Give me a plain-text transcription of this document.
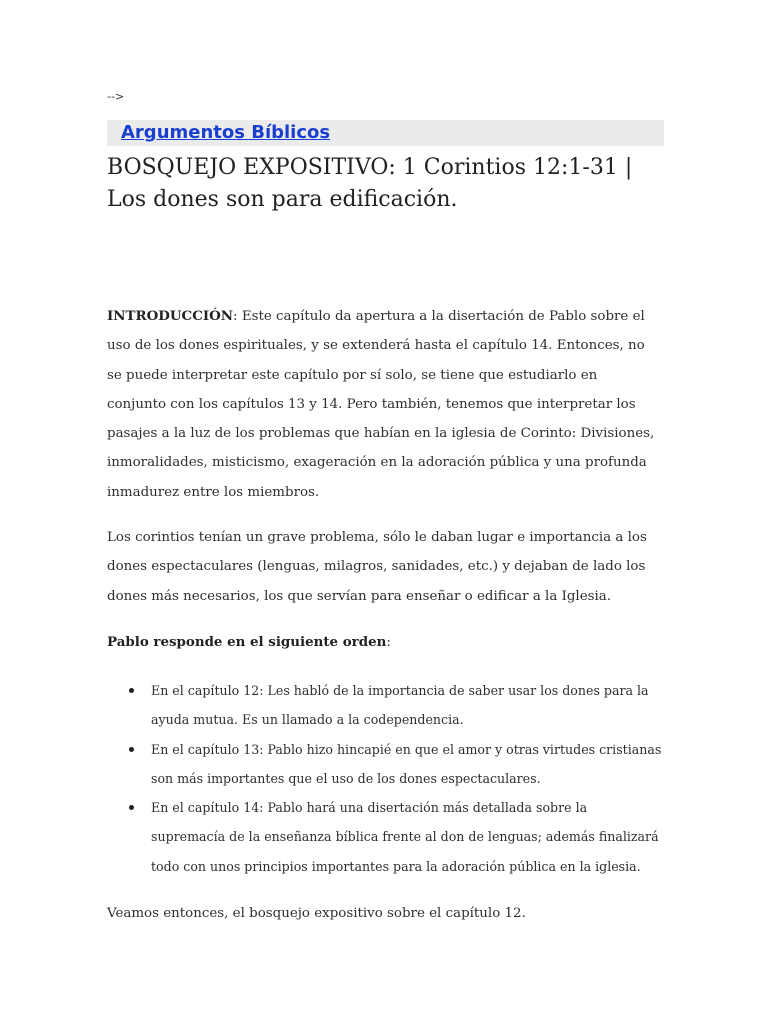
-->
Argumentos Bíblicos
BOSQUEJO EXPOSITIVO: 1 Corintios 12:1-31 | Los dones son para edificación.

INTRODUCCIÓN: Este capítulo da apertura a la disertación de Pablo sobre el uso de los dones espirituales, y se extenderá hasta el capítulo 14. Entonces, no se puede interpretar este capítulo por sí solo, se tiene que estudiarlo en conjunto con los capítulos 13 y 14. Pero también, tenemos que interpretar los pasajes a la luz de los problemas que habían en la iglesia de Corinto: Divisiones, inmoralidades, misticismo, exageración en la adoración pública y una profunda inmadurez entre los miembros.

Los corintios tenían un grave problema, sólo le daban lugar e importancia a los dones espectaculares (lenguas, milagros, sanidades, etc.) y dejaban de lado los dones más necesarios, los que servían para enseñar o edificar a la Iglesia.

Pablo responde en el siguiente orden:

En el capítulo 12: Les habló de la importancia de saber usar los dones para la ayuda mutua. Es un llamado a la codependencia.
En el capítulo 13: Pablo hizo hincapié en que el amor y otras virtudes cristianas son más importantes que el uso de los dones espectaculares.
En el capítulo 14: Pablo hará una disertación más detallada sobre la supremacía de la enseñanza bíblica frente al don de lenguas; además finalizará todo con unos principios importantes para la adoración pública en la iglesia.

Veamos entonces, el bosquejo expositivo sobre el capítulo 12.
